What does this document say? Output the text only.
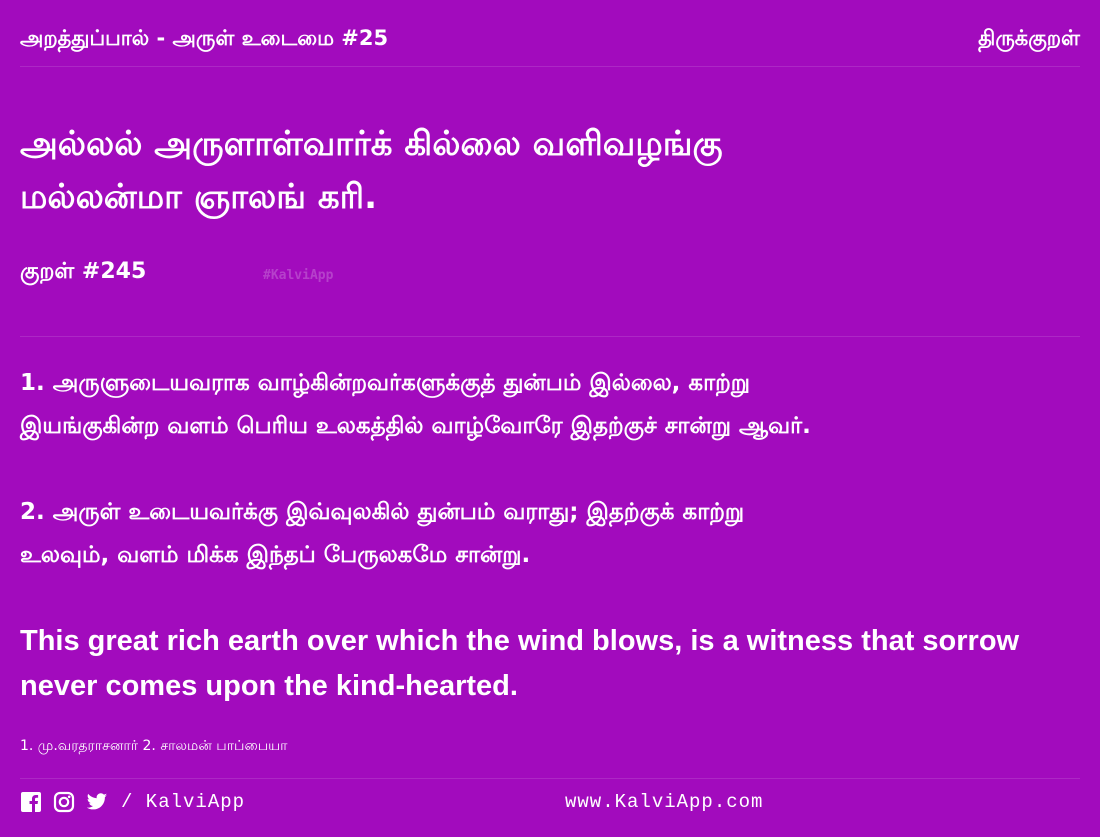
அறத்துப்பால் - அருள் உடைமை #25	திருக்குறள்
அல்லல் அருளாள்வார்க் கில்லை வளிவழங்கு
மல்லன்மா ஞாலங் கரி.
குறள் #245	#KalviApp
1. அருளுடையவராக வாழ்கின்றவர்களுக்குத் துன்பம் இல்லை, காற்று
இயங்குகின்ற வளம் பெரிய உலகத்தில் வாழ்வோரே இதற்குச் சான்று ஆவர்.
2. அருள் உடையவர்க்கு இவ்வுலகில் துன்பம் வராது; இதற்குக் காற்று
உலவும், வளம் மிக்க இந்தப் பேருலகமே சான்று.
This great rich earth over which the wind blows, is a witness that sorrow
never comes upon the kind-hearted.
1. மு.வரதராசனார் 2. சாலமன் பாப்பையா
/ KalviApp	www.KalviApp.com
